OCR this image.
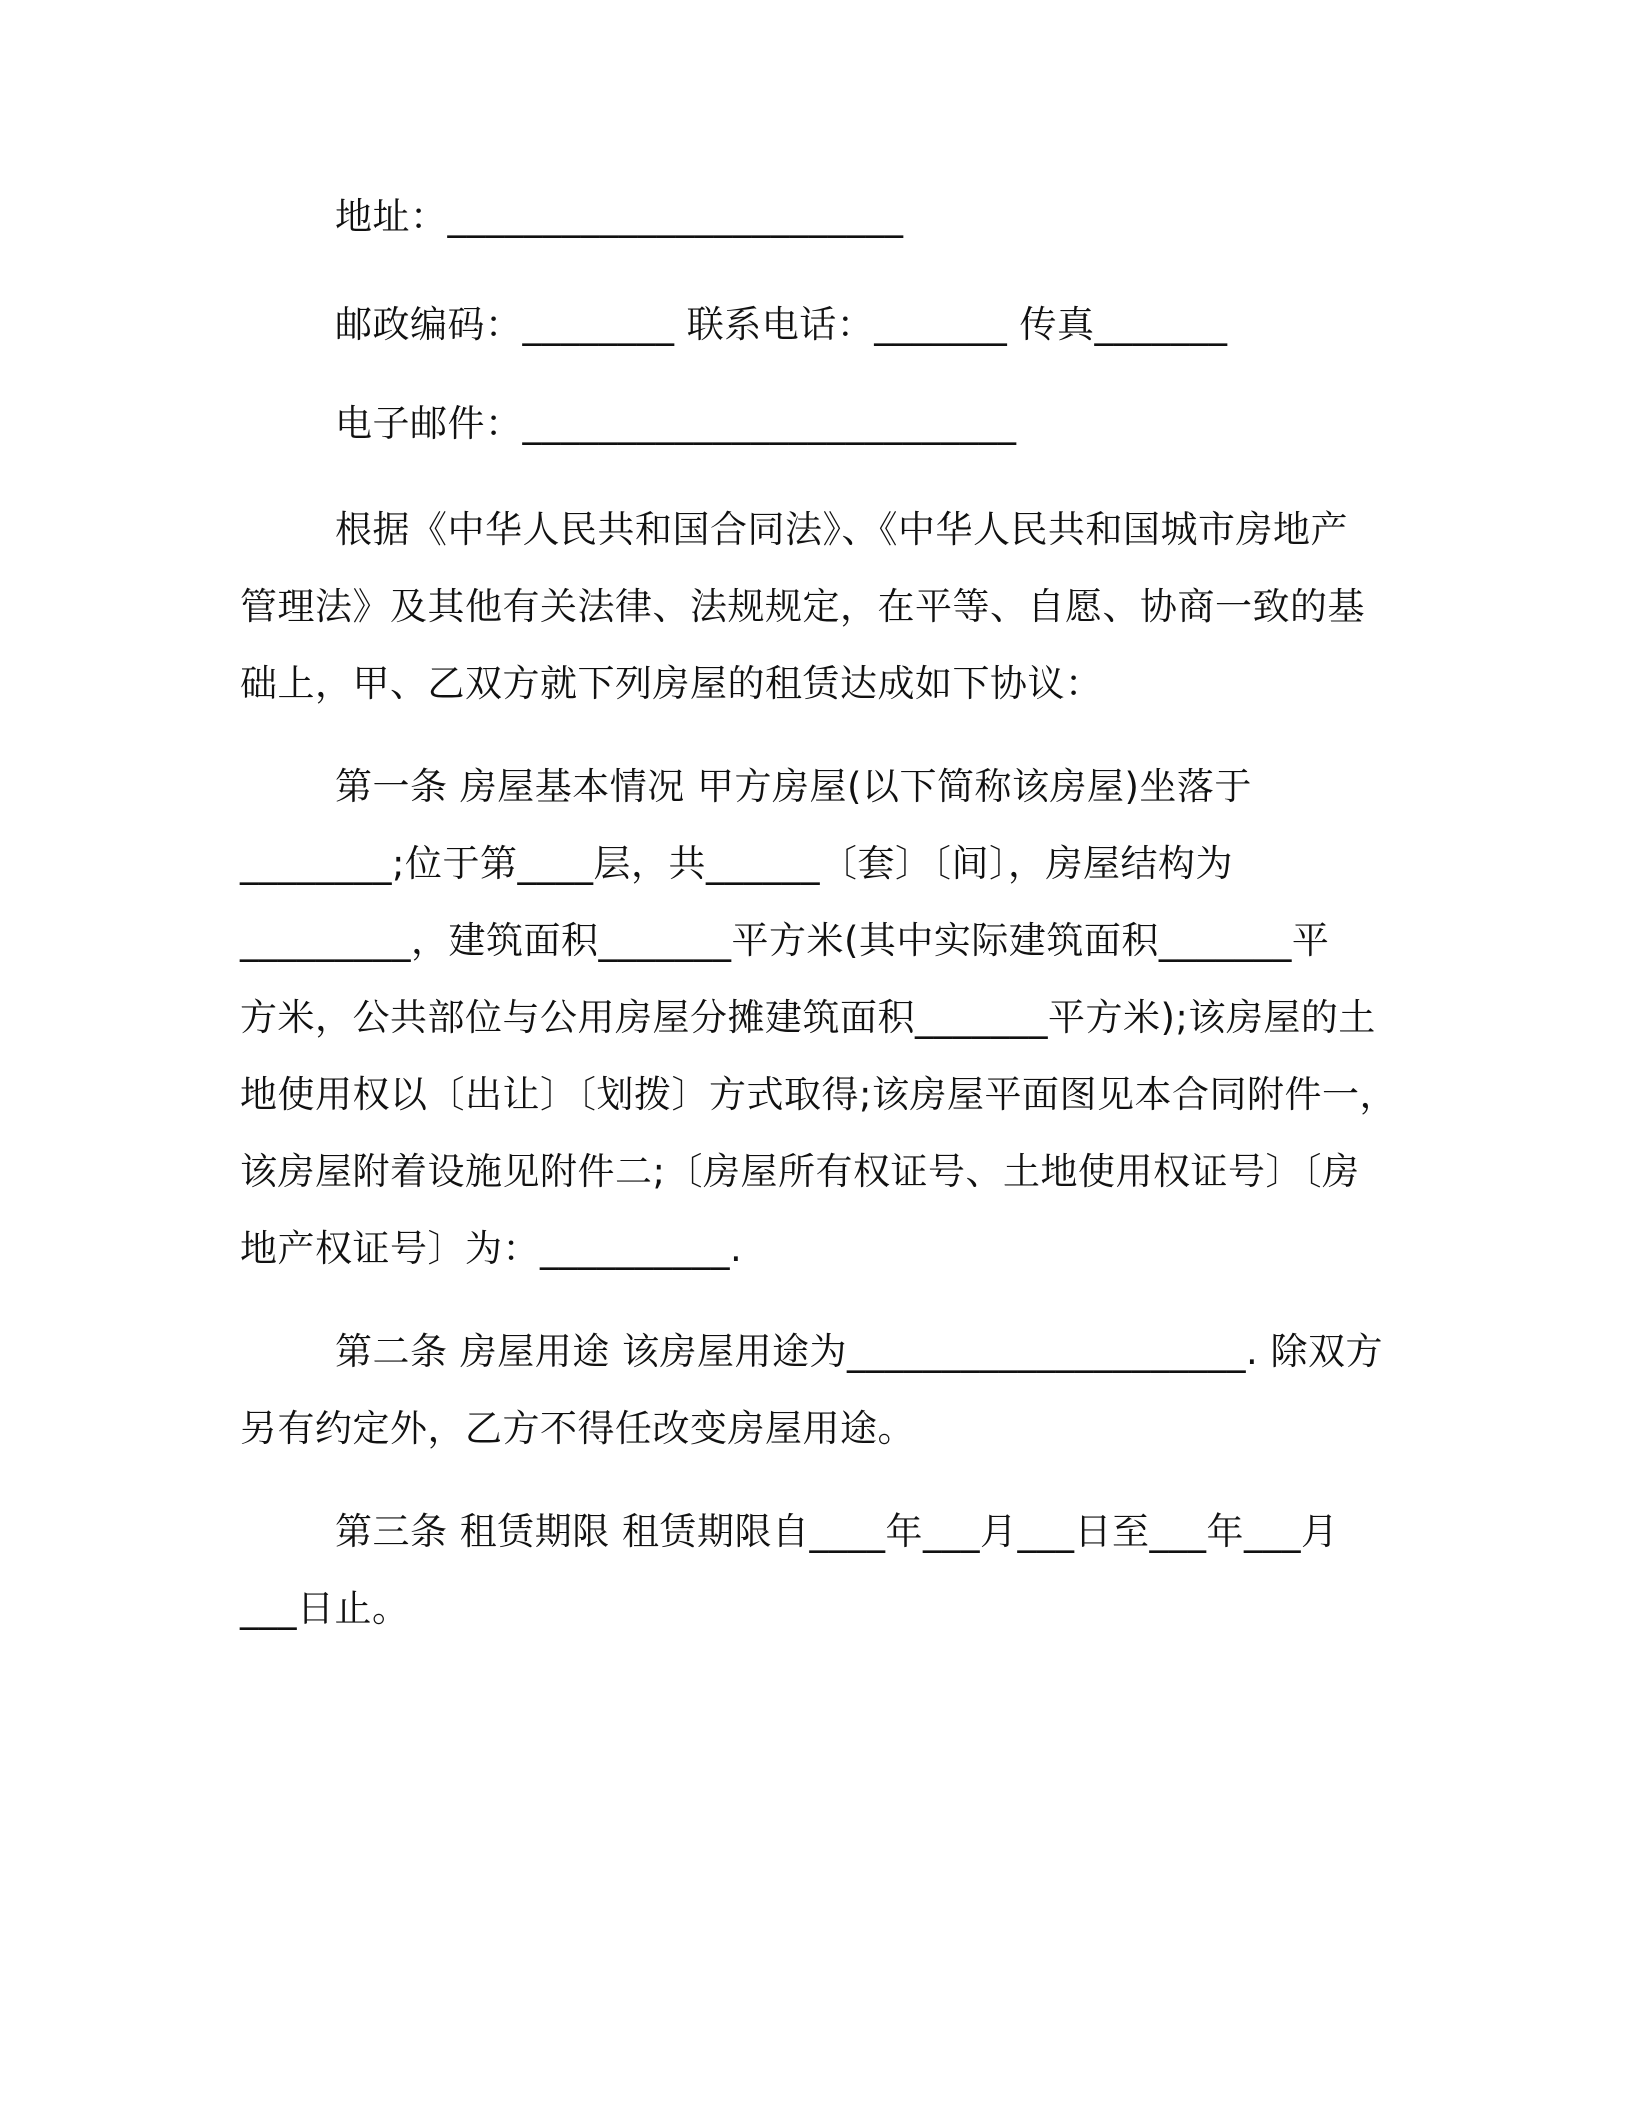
地址：________________________
邮政编码：________ 联系电话：_______ 传真_______
电子邮件：__________________________
根据《中华人民共和国合同法》、《中华人民共和国城市房地产
管理法》及其他有关法律、法规规定，在平等、自愿、协商一致的基
础上，甲、乙双方就下列房屋的租赁达成如下协议：
第一条 房屋基本情况 甲方房屋(以下简称该房屋)坐落于
________;位于第____层，共______〔套〕〔间〕，房屋结构为
_________，建筑面积_______平方米(其中实际建筑面积_______平
方米，公共部位与公用房屋分摊建筑面积_______平方米);该房屋的土
地使用权以〔出让〕〔划拨〕方式取得;该房屋平面图见本合同附件一，
该房屋附着设施见附件二;〔房屋所有权证号、土地使用权证号〕〔房
地产权证号〕为：__________.
第二条 房屋用途 该房屋用途为_____________________. 除双方
另有约定外，乙方不得任改变房屋用途。
第三条 租赁期限 租赁期限自____年___月___日至___年___月
___日止。
